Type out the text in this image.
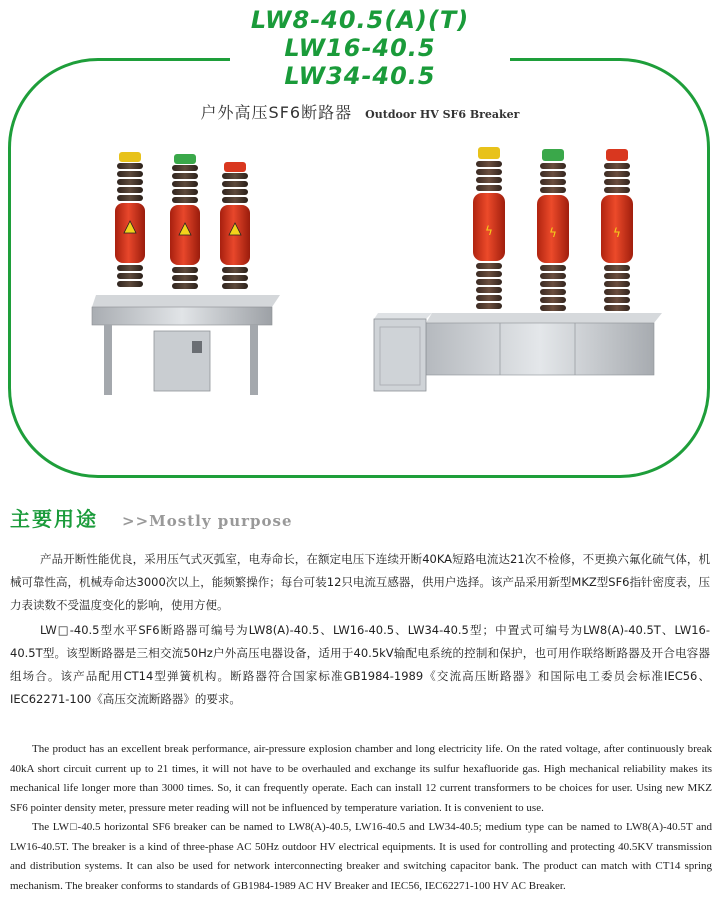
LW8-40.5(A)(T)
LW16-40.5
LW34-40.5
户外高压SF6断路器 Outdoor HV SF6 Breaker
ϟ	ϟ	ϟ
主要用途 >>Mostly purpose

产品开断性能优良，采用压气式灭弧室，电寿命长，在额定电压下连续开断40KA短路电流达21次不检修，不更换六氟化硫气体，机械可靠性高，机械寿命达3000次以上，能频繁操作；每台可装12只电流互感器，供用户选择。该产品采用新型MKZ型SF6指针密度表，压力表读数不受温度变化的影响，使用方便。

LW□-40.5型水平SF6断路器可编号为LW8(A)-40.5、LW16-40.5、LW34-40.5型；中置式可编号为LW8(A)-40.5T、LW16-40.5T型。该型断路器是三相交流50Hz户外高压电器设备，适用于40.5kV输配电系统的控制和保护，也可用作联络断路器及开合电容器组场合。该产品配用CT14型弹簧机构。断路器符合国家标准GB1984-1989《交流高压断路器》和国际电工委员会标准IEC56、IEC62271-100《高压交流断路器》的要求。

The product has an excellent break performance, air-pressure explosion chamber and long electricity life. On the rated voltage, after continuously break 40kA short circuit current up to 21 times, it will not have to be overhauled and exchange its sulfur hexafluoride gas. High mechanical reliability makes its mechanical life longer more than 3000 times. So, it can frequently operate. Each can install 12 current transformers to be choices for user. Using new MKZ SF6 pointer density meter, pressure meter reading will not be influenced by temperature variation. It is convenient to use.

The LW□-40.5 horizontal SF6 breaker can be named to LW8(A)-40.5, LW16-40.5 and LW34-40.5; medium type can be named to LW8(A)-40.5T and LW16-40.5T. The breaker is a kind of three-phase AC 50Hz outdoor HV electrical equipments. It is used for controlling and protecting 40.5KV transmission and distribution systems. It can also be used for network interconnecting breaker and switching capacitor bank. The product can match with CT14 spring mechanism. The breaker conforms to standards of GB1984-1989 AC HV Breaker and IEC56, IEC62271-100 HV AC Breaker.
